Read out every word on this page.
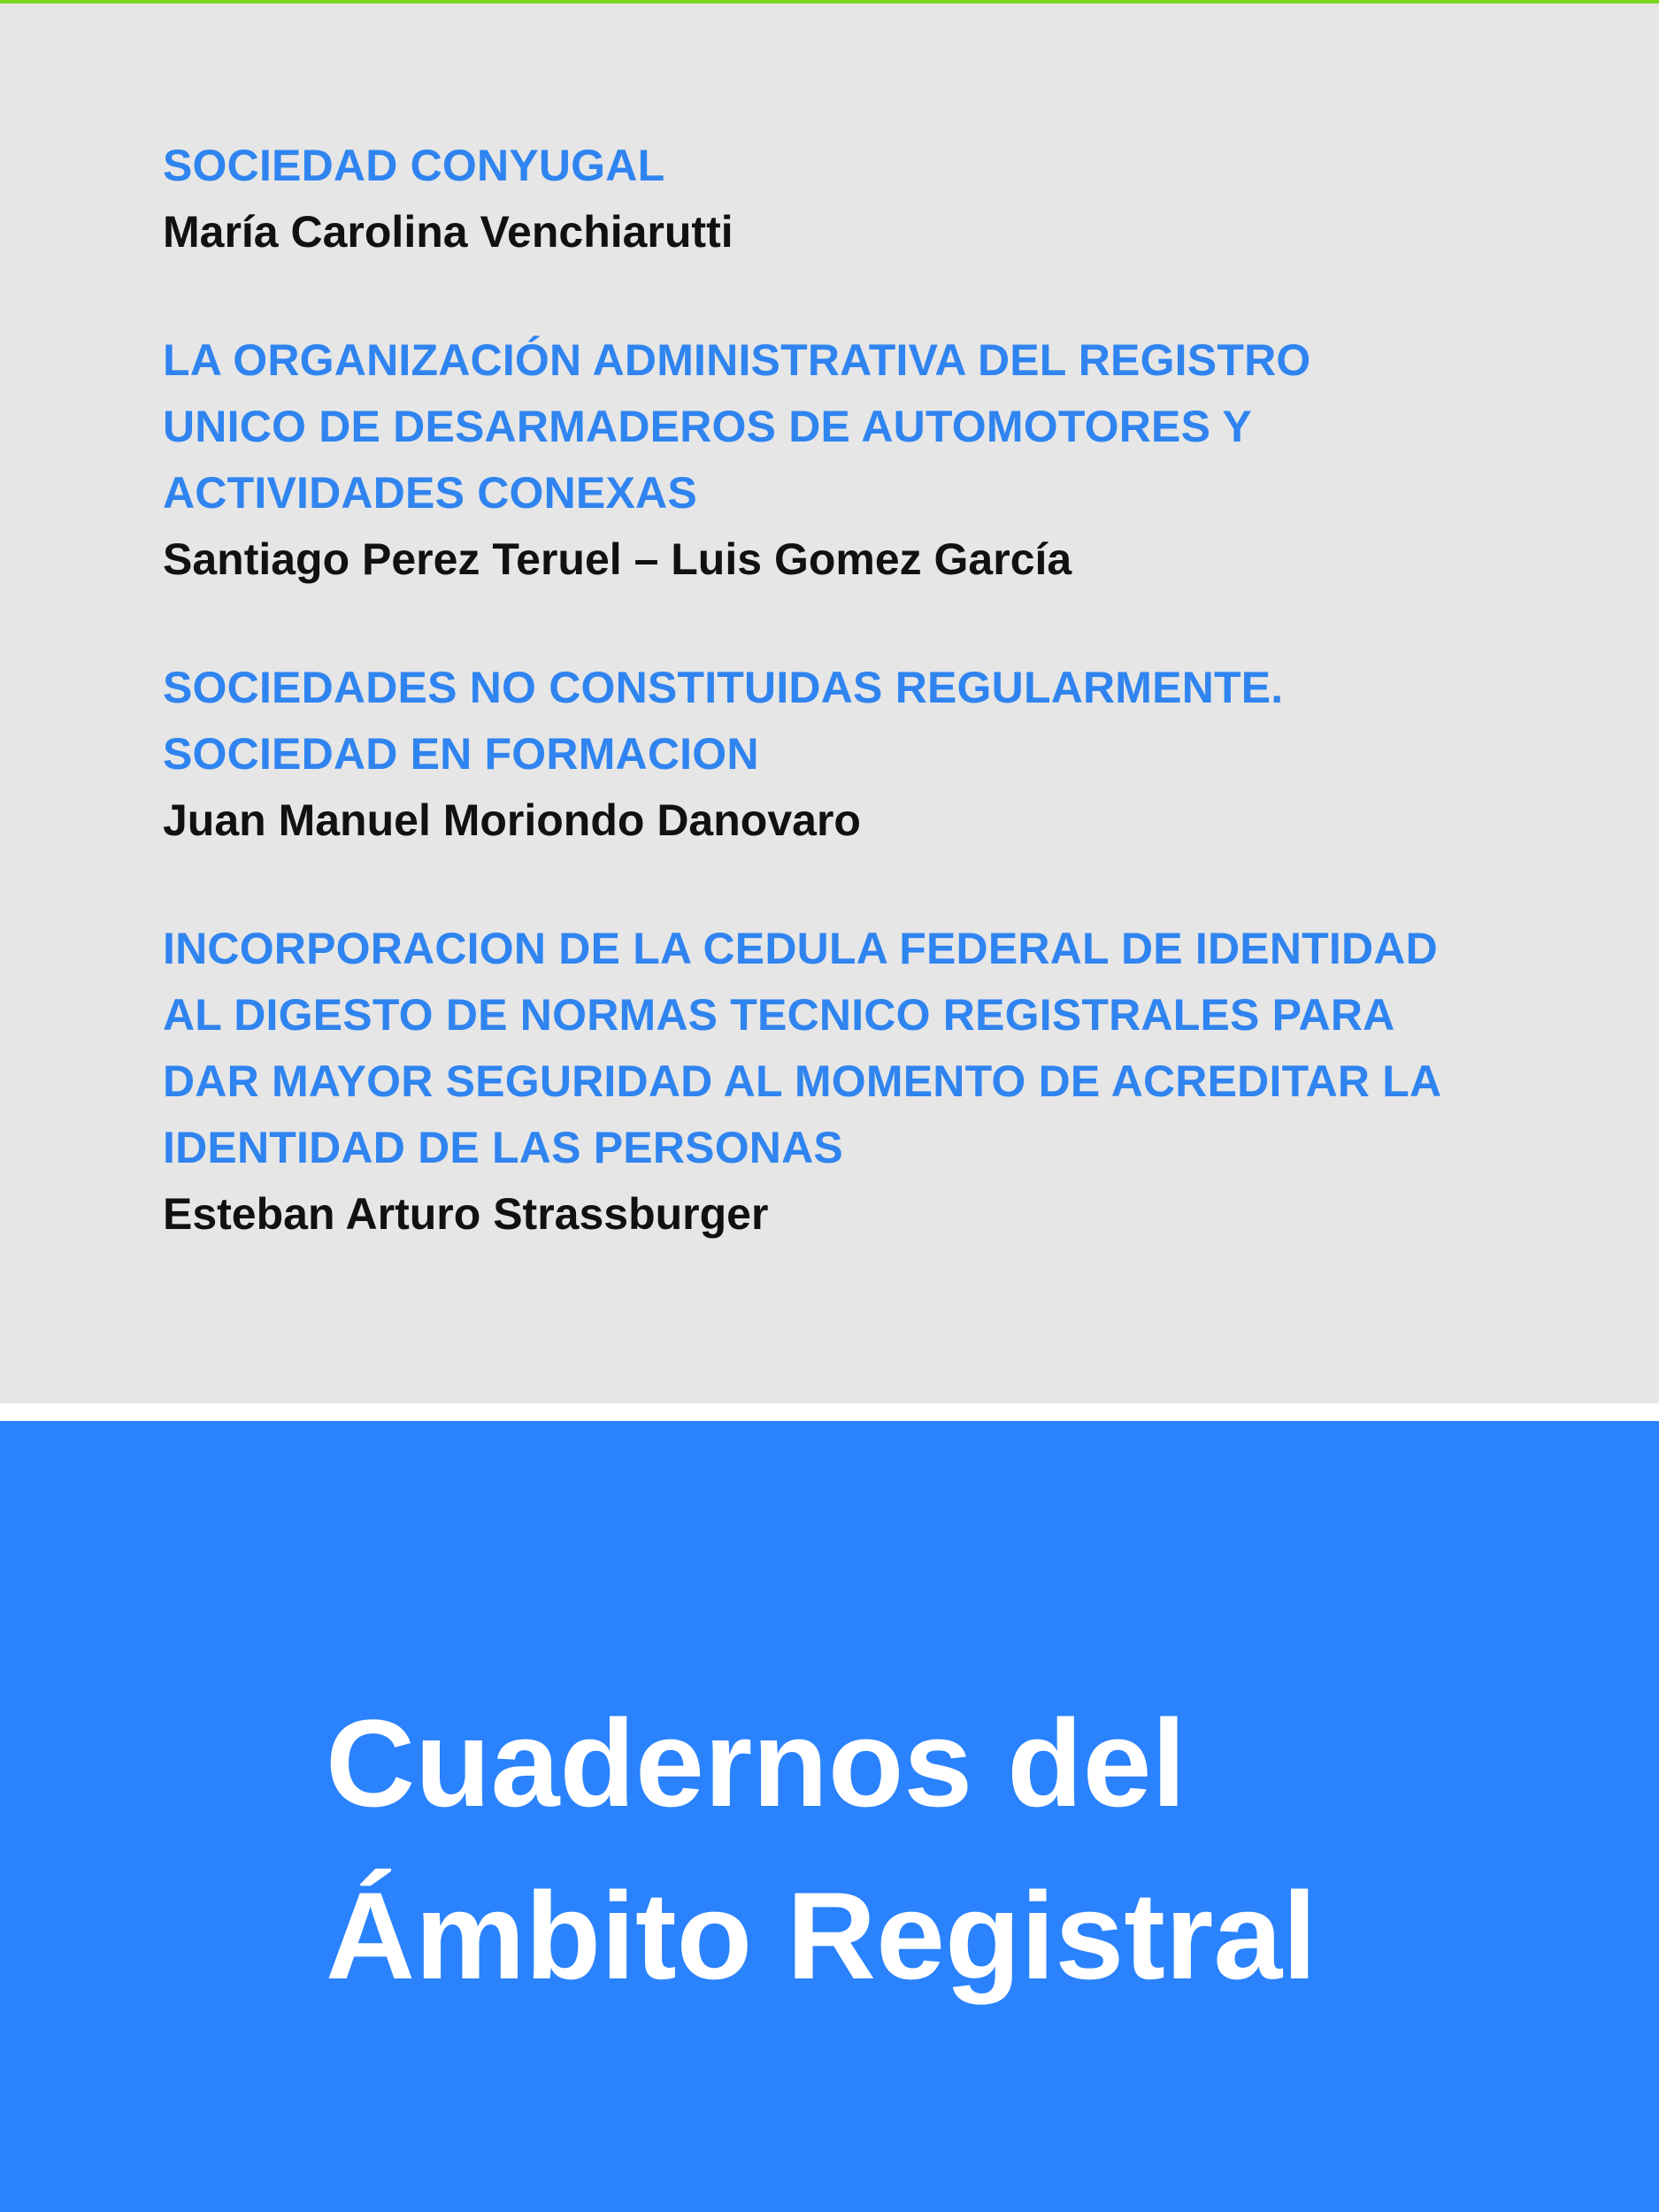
SOCIEDAD CONYUGAL

María Carolina Venchiarutti

LA ORGANIZACIÓN ADMINISTRATIVA DEL REGISTRO
UNICO DE DESARMADEROS DE AUTOMOTORES Y
ACTIVIDADES CONEXAS

Santiago Perez Teruel – Luis Gomez García

SOCIEDADES NO CONSTITUIDAS REGULARMENTE.
SOCIEDAD EN FORMACION

Juan Manuel Moriondo Danovaro

INCORPORACION DE LA CEDULA FEDERAL DE IDENTIDAD
AL DIGESTO DE NORMAS TECNICO REGISTRALES PARA
DAR MAYOR SEGURIDAD AL MOMENTO DE ACREDITAR LA
IDENTIDAD DE LAS PERSONAS

Esteban Arturo Strassburger

Cuadernos del
Ámbito Registral
